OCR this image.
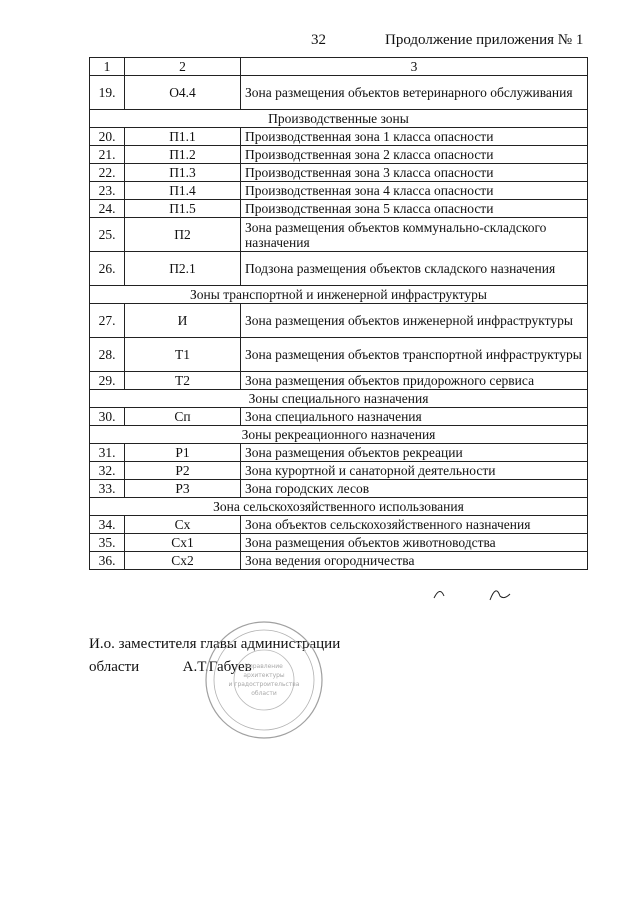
32	Продолжение приложения № 1
1	2	3
19.	О4.4	Зона размещения объектов ветеринарного обслуживания
Производственные зоны		
20.	П1.1	Производственная зона 1 класса опасности
21.	П1.2	Производственная зона 2 класса опасности
22.	П1.3	Производственная зона 3 класса опасности
23.	П1.4	Производственная зона 4 класса опасности
24.	П1.5	Производственная зона 5 класса опасности
25.	П2	Зона размещения объектов коммунально-складского назначения
26.	П2.1	Подзона размещения объектов складского назначения
Зоны транспортной и инженерной инфраструктуры		
27.	И	Зона размещения объектов инженерной инфраструктуры
28.	Т1	Зона размещения объектов транспортной инфраструктуры
29.	Т2	Зона размещения объектов придорожного сервиса
Зоны специального назначения		
30.	Сп	Зона специального назначения
Зоны рекреационного назначения		
31.	Р1	Зона размещения объектов рекреации
32.	Р2	Зона курортной и санаторной деятельности
33.	Р3	Зона городских лесов
Зона сельскохозяйственного использования		
34.	Сх	Зона объектов сельскохозяйственного назначения
35.	Сх1	Зона размещения объектов животноводства
36.	Сх2	Зона ведения огородничества
И.о. заместителя главы администрации
области	А.Т.Габуев
Управление
архитектуры
и градостроительства
области
